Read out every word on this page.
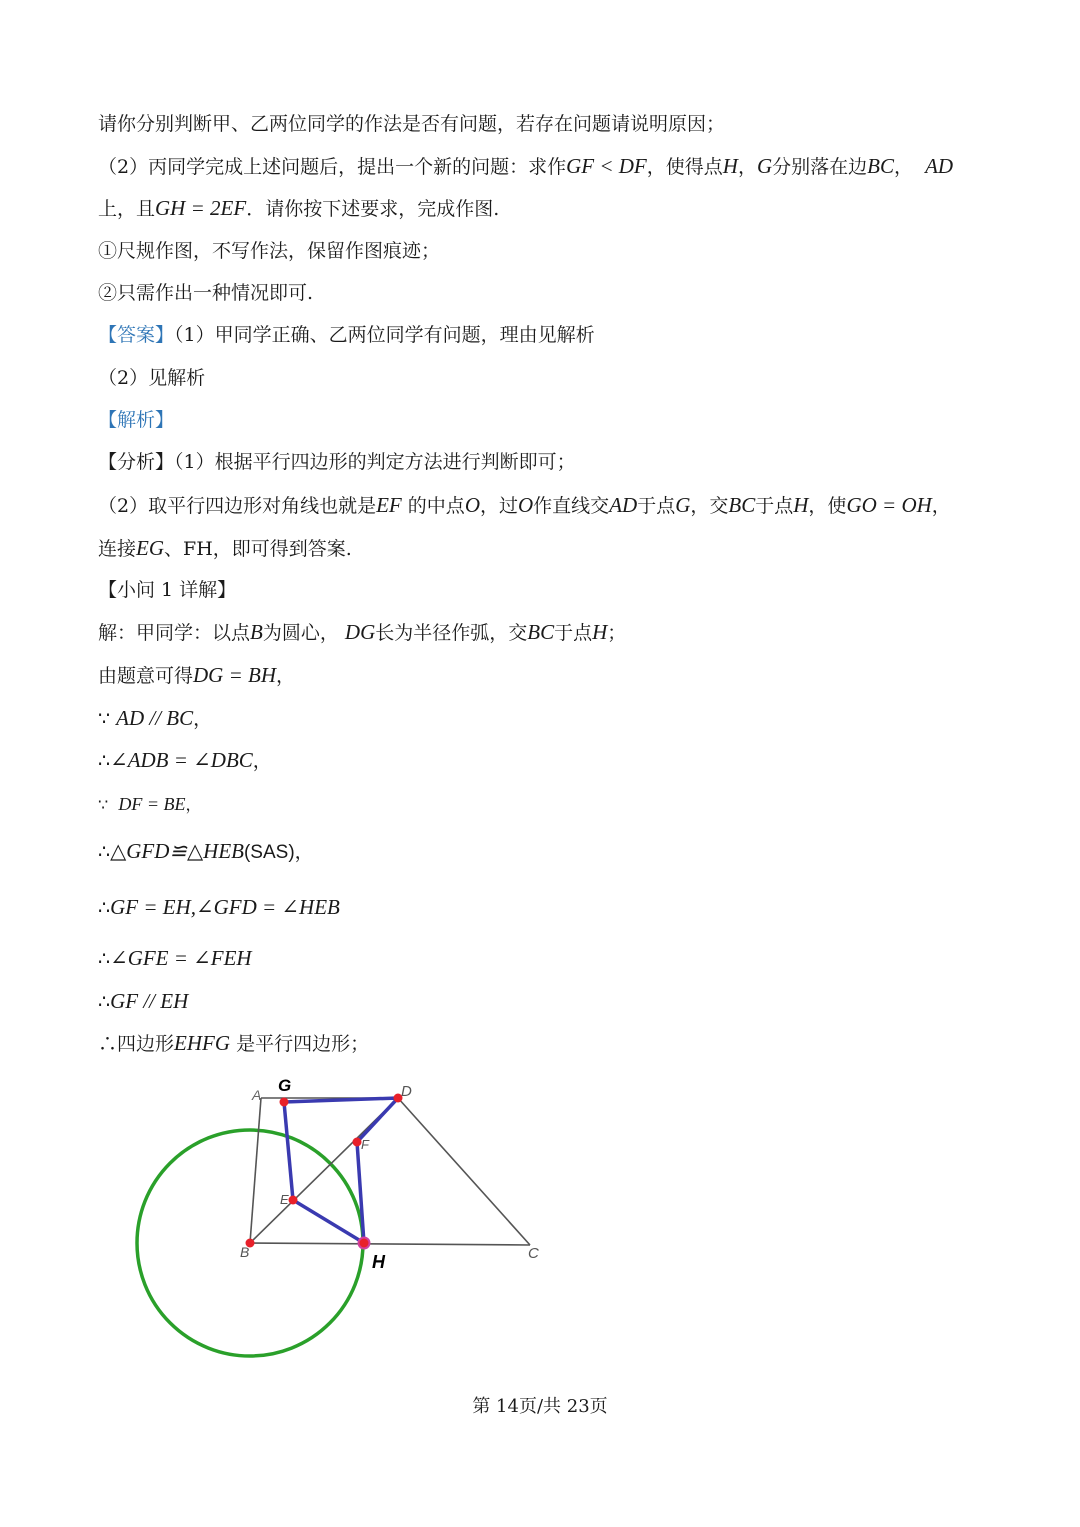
请你分别判断甲、乙两位同学的作法是否有问题，若存在问题请说明原因；
（2）丙同学完成上述问题后，提出一个新的问题：求作GF < DF，使得点H，G分别落在边BC， AD
上，且GH = 2EF．请你按下述要求，完成作图.
①尺规作图，不写作法，保留作图痕迹；
②只需作出一种情况即可.
【答案】（1）甲同学正确、乙两位同学有问题，理由见解析
（2）见解析
【解析】
【分析】（1）根据平行四边形的判定方法进行判断即可；
（2）取平行四边形对角线也就是EF 的中点O，过O作直线交AD于点G，交BC于点H，使GO = OH，
连接EG、FH，即可得到答案.
【小问 1 详解】
解：甲同学：以点B为圆心， DG长为半径作弧，交BC于点H；
由题意可得DG = BH，
∵ AD // BC，
∴∠ADB = ∠DBC，
∵ DF = BE，
∴△GFD≌△HEB(SAS)，
∴GF = EH,∠GFD = ∠HEB
∴∠GFE = ∠FEH
∴GF // EH
∴四边形EHFG 是平行四边形；
G
A	D
F
E
B	H	C
第 14页/共 23页
